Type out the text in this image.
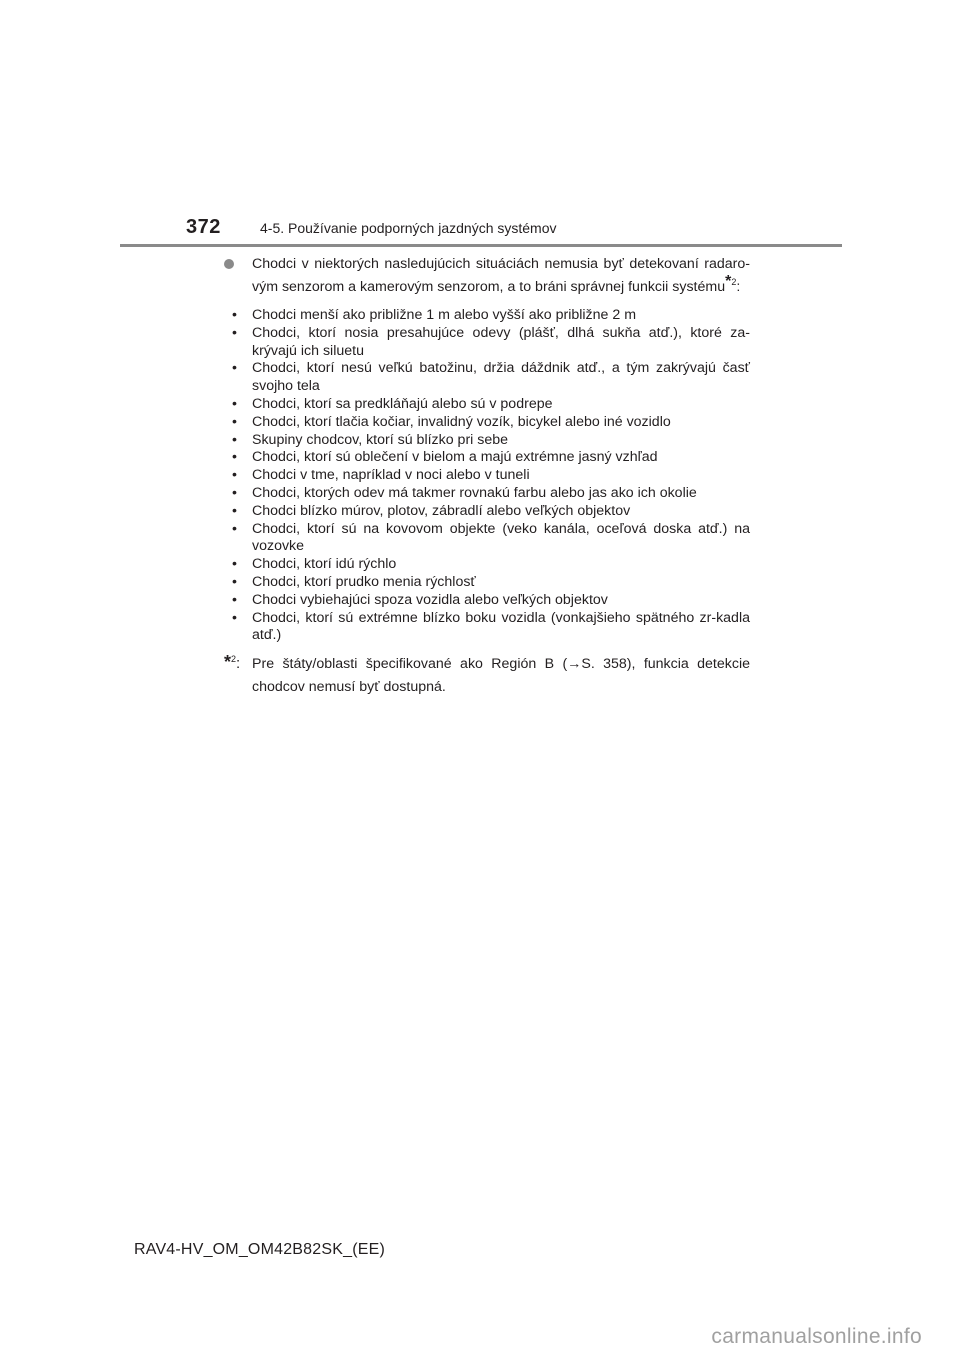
372	4-5. Používanie podporných jazdných systémov
Chodci v niektorých nasledujúcich situáciách nemusia byť detekovaní radaro-vým senzorom a kamerovým senzorom, a to bráni správnej funkcii systému*$^2$:
• Chodci menší ako približne 1 m alebo vyšší ako približne 2 m
• Chodci, ktorí nosia presahujúce odevy (plášť, dlhá sukňa atď.), ktoré za-krývajú ich siluetu
• Chodci, ktorí nesú veľkú batožinu, držia dáždnik atď., a tým zakrývajú časť svojho tela
• Chodci, ktorí sa predkláňajú alebo sú v podrepe
• Chodci, ktorí tlačia kočiar, invalidný vozík, bicykel alebo iné vozidlo
• Skupiny chodcov, ktorí sú blízko pri sebe
• Chodci, ktorí sú oblečení v bielom a majú extrémne jasný vzhľad
• Chodci v tme, napríklad v noci alebo v tuneli
• Chodci, ktorých odev má takmer rovnakú farbu alebo jas ako ich okolie
• Chodci blízko múrov, plotov, zábradlí alebo veľkých objektov
• Chodci, ktorí sú na kovovom objekte (veko kanála, oceľová doska atď.) na vozovke
• Chodci, ktorí idú rýchlo
• Chodci, ktorí prudko menia rýchlosť
• Chodci vybiehajúci spoza vozidla alebo veľkých objektov
• Chodci, ktorí sú extrémne blízko boku vozidla (vonkajšieho spätného zr-kadla atď.)
*$^2$: Pre štáty/oblasti špecifikované ako Región B (→S. 358), funkcia detekcie chodcov nemusí byť dostupná.
RAV4-HV_OM_OM42B82SK_(EE)
carmanualsonline.info
